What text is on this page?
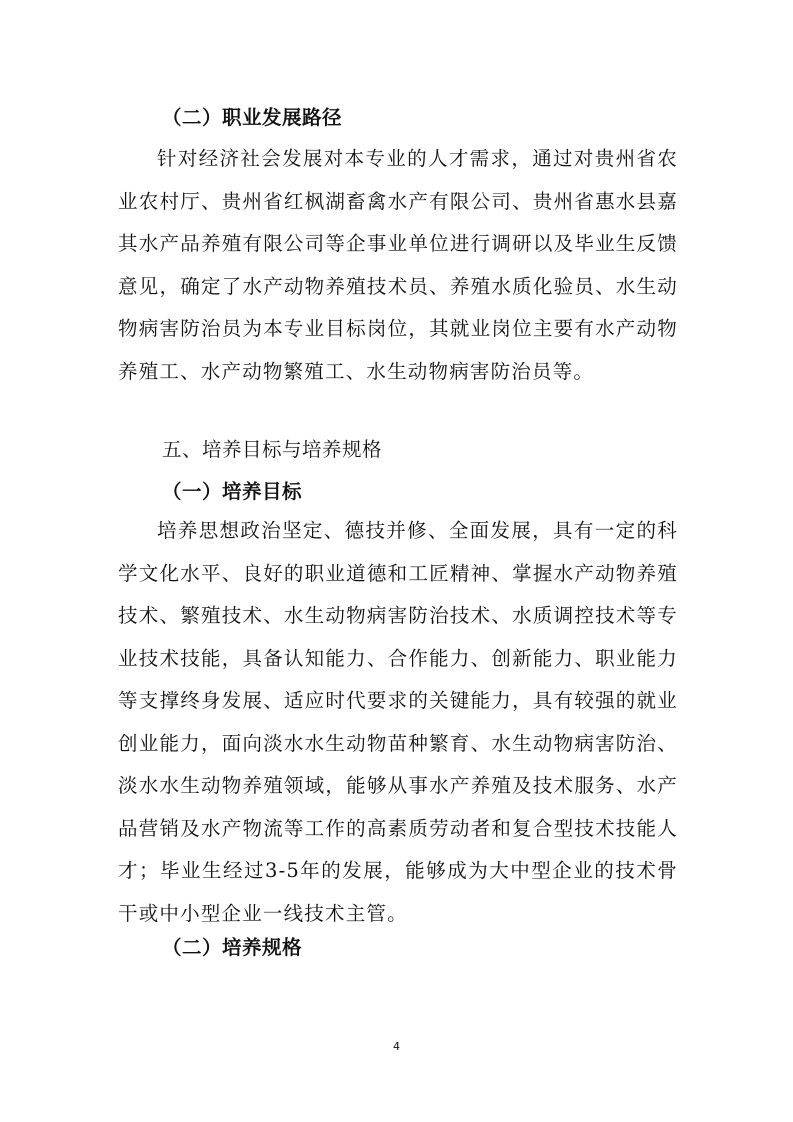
（二）职业发展路径

针对经济社会发展对本专业的人才需求，通过对贵州省农业农村厅、贵州省红枫湖畜禽水产有限公司、贵州省惠水县嘉其水产品养殖有限公司等企事业单位进行调研以及毕业生反馈意见，确定了水产动物养殖技术员、养殖水质化验员、水生动物病害防治员为本专业目标岗位，其就业岗位主要有水产动物养殖工、水产动物繁殖工、水生动物病害防治员等。

五、培养目标与培养规格
（一）培养目标

培养思想政治坚定、德技并修、全面发展，具有一定的科学文化水平、良好的职业道德和工匠精神、掌握水产动物养殖技术、繁殖技术、水生动物病害防治技术、水质调控技术等专业技术技能，具备认知能力、合作能力、创新能力、职业能力等支撑终身发展、适应时代要求的关键能力，具有较强的就业创业能力，面向淡水水生动物苗种繁育、水生动物病害防治、淡水水生动物养殖领域，能够从事水产养殖及技术服务、水产品营销及水产物流等工作的高素质劳动者和复合型技术技能人才；毕业生经过3-5年的发展，能够成为大中型企业的技术骨干或中小型企业一线技术主管。

（二）培养规格
4
